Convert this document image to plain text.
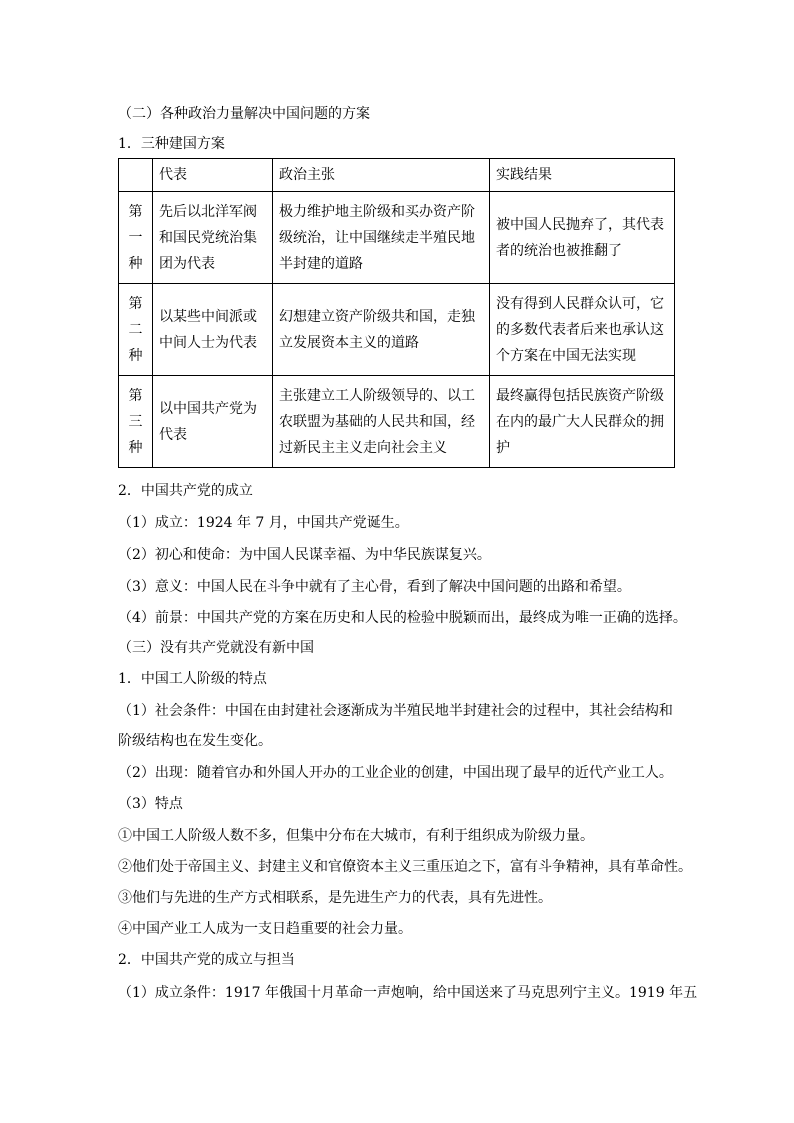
（二）各种政治力量解决中国问题的方案
1．三种建国方案
	代表	政治主张	实践结果

第
一
种	先后以北洋军阀和国民党统治集团为代表	极力维护地主阶级和买办资产阶级统治，让中国继续走半殖民地半封建的道路	被中国人民抛弃了，其代表者的统治也被推翻了

第
二
种	以某些中间派或中间人士为代表	幻想建立资产阶级共和国，走独立发展资本主义的道路	没有得到人民群众认可，它的多数代表者后来也承认这个方案在中国无法实现

第
三
种	以中国共产党为代表	主张建立工人阶级领导的、以工农联盟为基础的人民共和国，经过新民主主义走向社会主义	最终赢得包括民族资产阶级在内的最广大人民群众的拥护
2．中国共产党的成立
（1）成立：1924 年 7 月，中国共产党诞生。
（2）初心和使命：为中国人民谋幸福、为中华民族谋复兴。
（3）意义：中国人民在斗争中就有了主心骨，看到了解决中国问题的出路和希望。
（4）前景：中国共产党的方案在历史和人民的检验中脱颖而出，最终成为唯一正确的选择。
（三）没有共产党就没有新中国
1．中国工人阶级的特点
（1）社会条件：中国在由封建社会逐渐成为半殖民地半封建社会的过程中，其社会结构和
阶级结构也在发生变化。
（2）出现：随着官办和外国人开办的工业企业的创建，中国出现了最早的近代产业工人。
（3）特点
①中国工人阶级人数不多，但集中分布在大城市，有利于组织成为阶级力量。
②他们处于帝国主义、封建主义和官僚资本主义三重压迫之下，富有斗争精神，具有革命性。
③他们与先进的生产方式相联系，是先进生产力的代表，具有先进性。
④中国产业工人成为一支日趋重要的社会力量。
2．中国共产党的成立与担当
（1）成立条件：1917 年俄国十月革命一声炮响，给中国送来了马克思列宁主义。1919 年五
